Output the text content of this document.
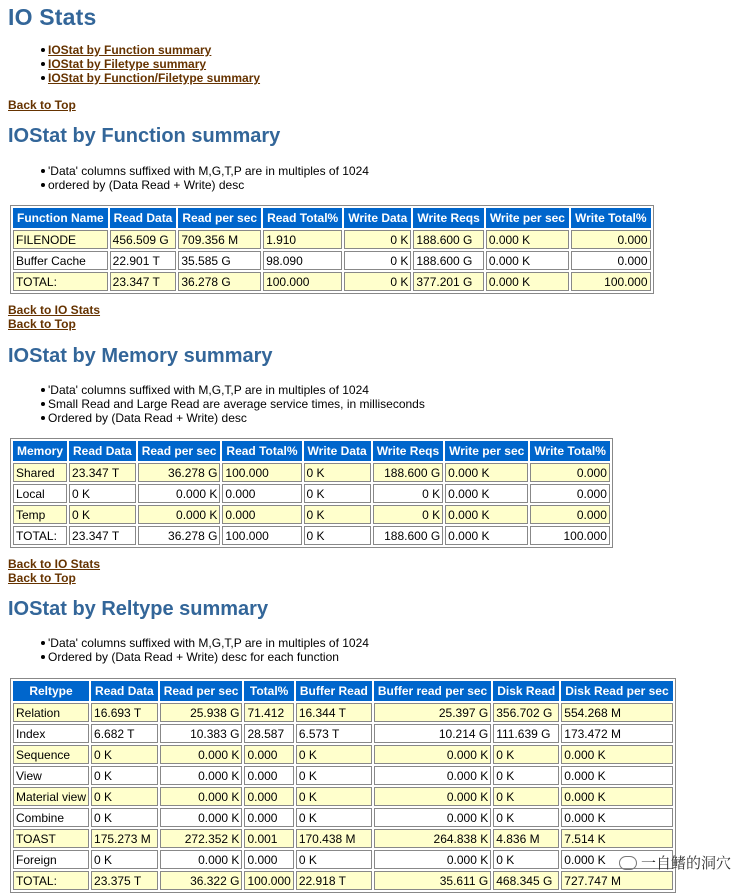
IO Stats
IOStat by Function summary
IOStat by Filetype summary
IOStat by Function/Filetype summary
Back to Top
IOStat by Function summary
'Data' columns suffixed with M,G,T,P are in multiples of 1024
ordered by (Data Read + Write) desc
Function Name	Read Data	Read per sec	Read Total%	Write Data	Write Reqs	Write per sec	Write Total%
FILENODE	456.509 G	709.356 M	1.910	0 K	188.600 G	0.000 K	0.000
Buffer Cache	22.901 T	35.585 G	98.090	0 K	188.600 G	0.000 K	0.000
TOTAL:	23.347 T	36.278 G	100.000	0 K	377.201 G	0.000 K	100.000
Back to IO Stats
Back to Top
IOStat by Memory summary
'Data' columns suffixed with M,G,T,P are in multiples of 1024
Small Read and Large Read are average service times, in milliseconds
Ordered by (Data Read + Write) desc
Memory	Read Data	Read per sec	Read Total%	Write Data	Write Reqs	Write per sec	Write Total%
Shared	23.347 T	36.278 G	100.000	0 K	188.600 G	0.000 K	0.000
Local	0 K	0.000 K	0.000	0 K	0 K	0.000 K	0.000
Temp	0 K	0.000 K	0.000	0 K	0 K	0.000 K	0.000
TOTAL:	23.347 T	36.278 G	100.000	0 K	188.600 G	0.000 K	100.000
Back to IO Stats
Back to Top
IOStat by Reltype summary
'Data' columns suffixed with M,G,T,P are in multiples of 1024
Ordered by (Data Read + Write) desc for each function
Reltype	Read Data	Read per sec	Total%	Buffer Read	Buffer read per sec	Disk Read	Disk Read per sec
Relation	16.693 T	25.938 G	71.412	16.344 T	25.397 G	356.702 G	554.268 M
Index	6.682 T	10.383 G	28.587	6.573 T	10.214 G	111.639 G	173.472 M
Sequence	0 K	0.000 K	0.000	0 K	0.000 K	0 K	0.000 K
View	0 K	0.000 K	0.000	0 K	0.000 K	0 K	0.000 K
Material view	0 K	0.000 K	0.000	0 K	0.000 K	0 K	0.000 K
Combine	0 K	0.000 K	0.000	0 K	0.000 K	0 K	0.000 K
TOAST	175.273 M	272.352 K	0.001	170.438 M	264.838 K	4.836 M	7.514 K
Foreign	0 K	0.000 K	0.000	0 K	0.000 K	0 K	0.000 K
TOTAL:	23.375 T	36.322 G	100.000	22.918 T	35.611 G	468.345 G	727.747 M
一自鳍的洞穴
